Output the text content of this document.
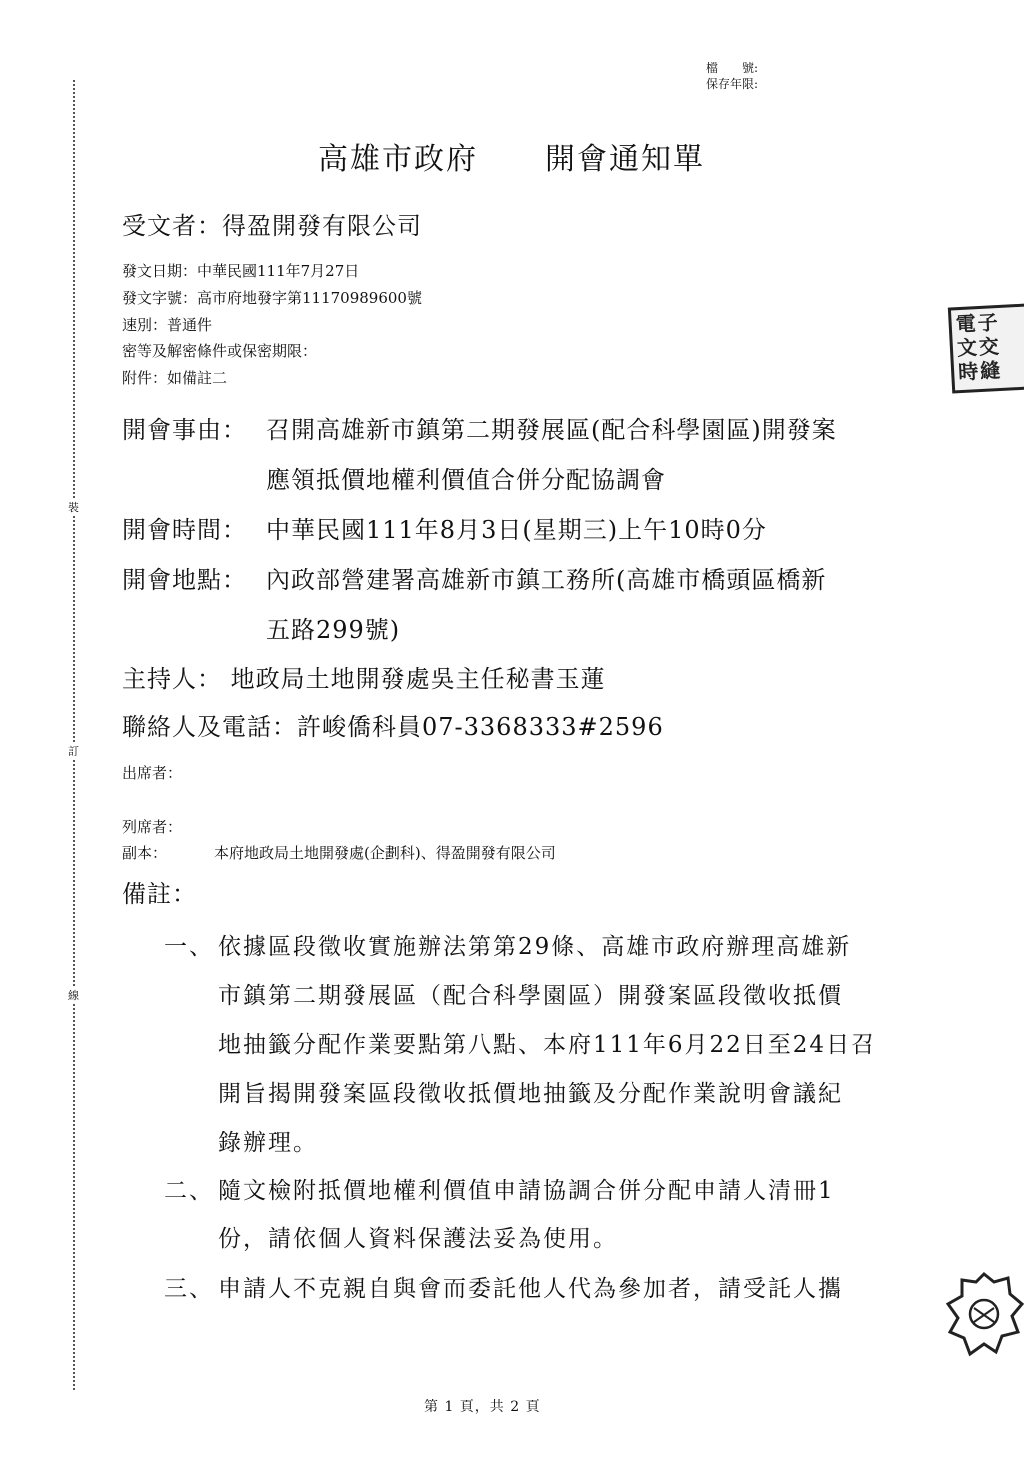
裝
訂
線
檔　　號:
保存年限:
高雄市政府 開會通知單
受文者：得盈開發有限公司
發文日期：中華民國111年7月27日
發文字號：高市府地發字第11170989600號
速別：普通件
密等及解密條件或保密期限：
附件：如備註二
開會事由： 召開高雄新市鎮第二期發展區(配合科學園區)開發案
應領抵價地權利價值合併分配協調會
開會時間： 中華民國111年8月3日(星期三)上午10時0分
開會地點： 內政部營建署高雄新市鎮工務所(高雄市橋頭區橋新
五路299號)
主持人： 地政局土地開發處吳主任秘書玉蓮
聯絡人及電話：許峻僑科員07-3368333#2596
出席者：
列席者：
副本：	本府地政局土地開發處(企劃科)、得盈開發有限公司
備註：
一、 依據區段徵收實施辦法第第29條、高雄市政府辦理高雄新
市鎮第二期發展區（配合科學園區）開發案區段徵收抵價
地抽籤分配作業要點第八點、本府111年6月22日至24日召
開旨揭開發案區段徵收抵價地抽籤及分配作業說明會議紀
錄辦理。
二、 隨文檢附抵價地權利價值申請協調合併分配申請人清冊1
份，請依個人資料保護法妥為使用。
三、 申請人不克親自與會而委託他人代為參加者，請受託人攜
電子
文交
時縫
第 1 頁，共 2 頁
